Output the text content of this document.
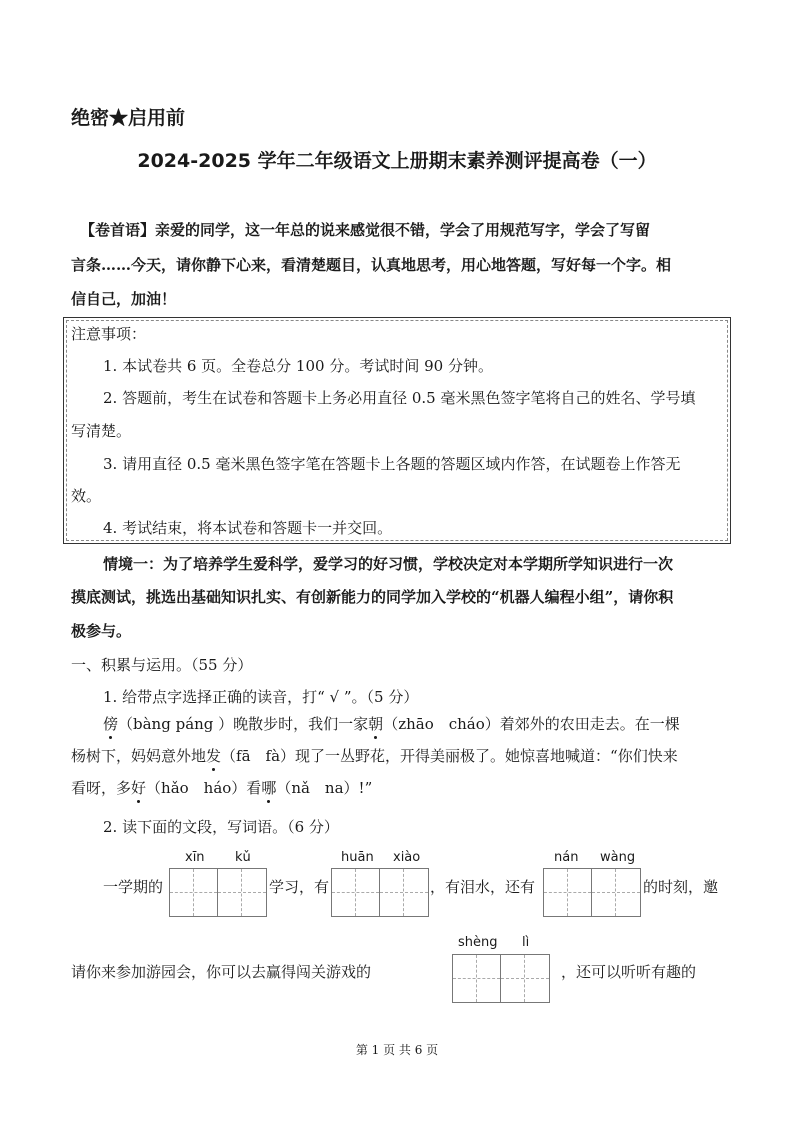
绝密★启用前
2024-2025 学年二年级语文上册期末素养测评提高卷（一）
【卷首语】亲爱的同学，这一年总的说来感觉很不错，学会了用规范写字，学会了写留
言条……今天，请你静下心来，看清楚题目，认真地思考，用心地答题，写好每一个字。相
信自己，加油！
注意事项：
1. 本试卷共 6 页。全卷总分 100 分。考试时间 90 分钟。
2. 答题前，考生在试卷和答题卡上务必用直径 0.5 毫米黑色签字笔将自己的姓名、学号填
写清楚。
3. 请用直径 0.5 毫米黑色签字笔在答题卡上各题的答题区域内作答，在试题卷上作答无
效。
4. 考试结束，将本试卷和答题卡一并交回。
情境一：为了培养学生爱科学，爱学习的好习惯，学校决定对本学期所学知识进行一次
摸底测试，挑选出基础知识扎实、有创新能力的同学加入学校的“机器人编程小组”，请你积
极参与。
一、积累与运用。（55 分）
1. 给带点字选择正确的读音，打“ √ ”。（5 分）
傍（bàng páng ）晚散步时，我们一家朝（zhāo　cháo）着郊外的农田走去。在一棵
杨树下，妈妈意外地发（fā　fà）现了一丛野花，开得美丽极了。她惊喜地喊道：“你们快来
看呀，多好（hǎo　háo）看哪（nǎ　na）!”
2. 读下面的文段，写词语。（6 分）
xīn kǔ	huān xiào	nán wàng
一学期的	学习，有	，有泪水，还有	的时刻，邀
shèng lì
请你来参加游园会，你可以去赢得闯关游戏的	，还可以听听有趣的
第 1 页 共 6 页
